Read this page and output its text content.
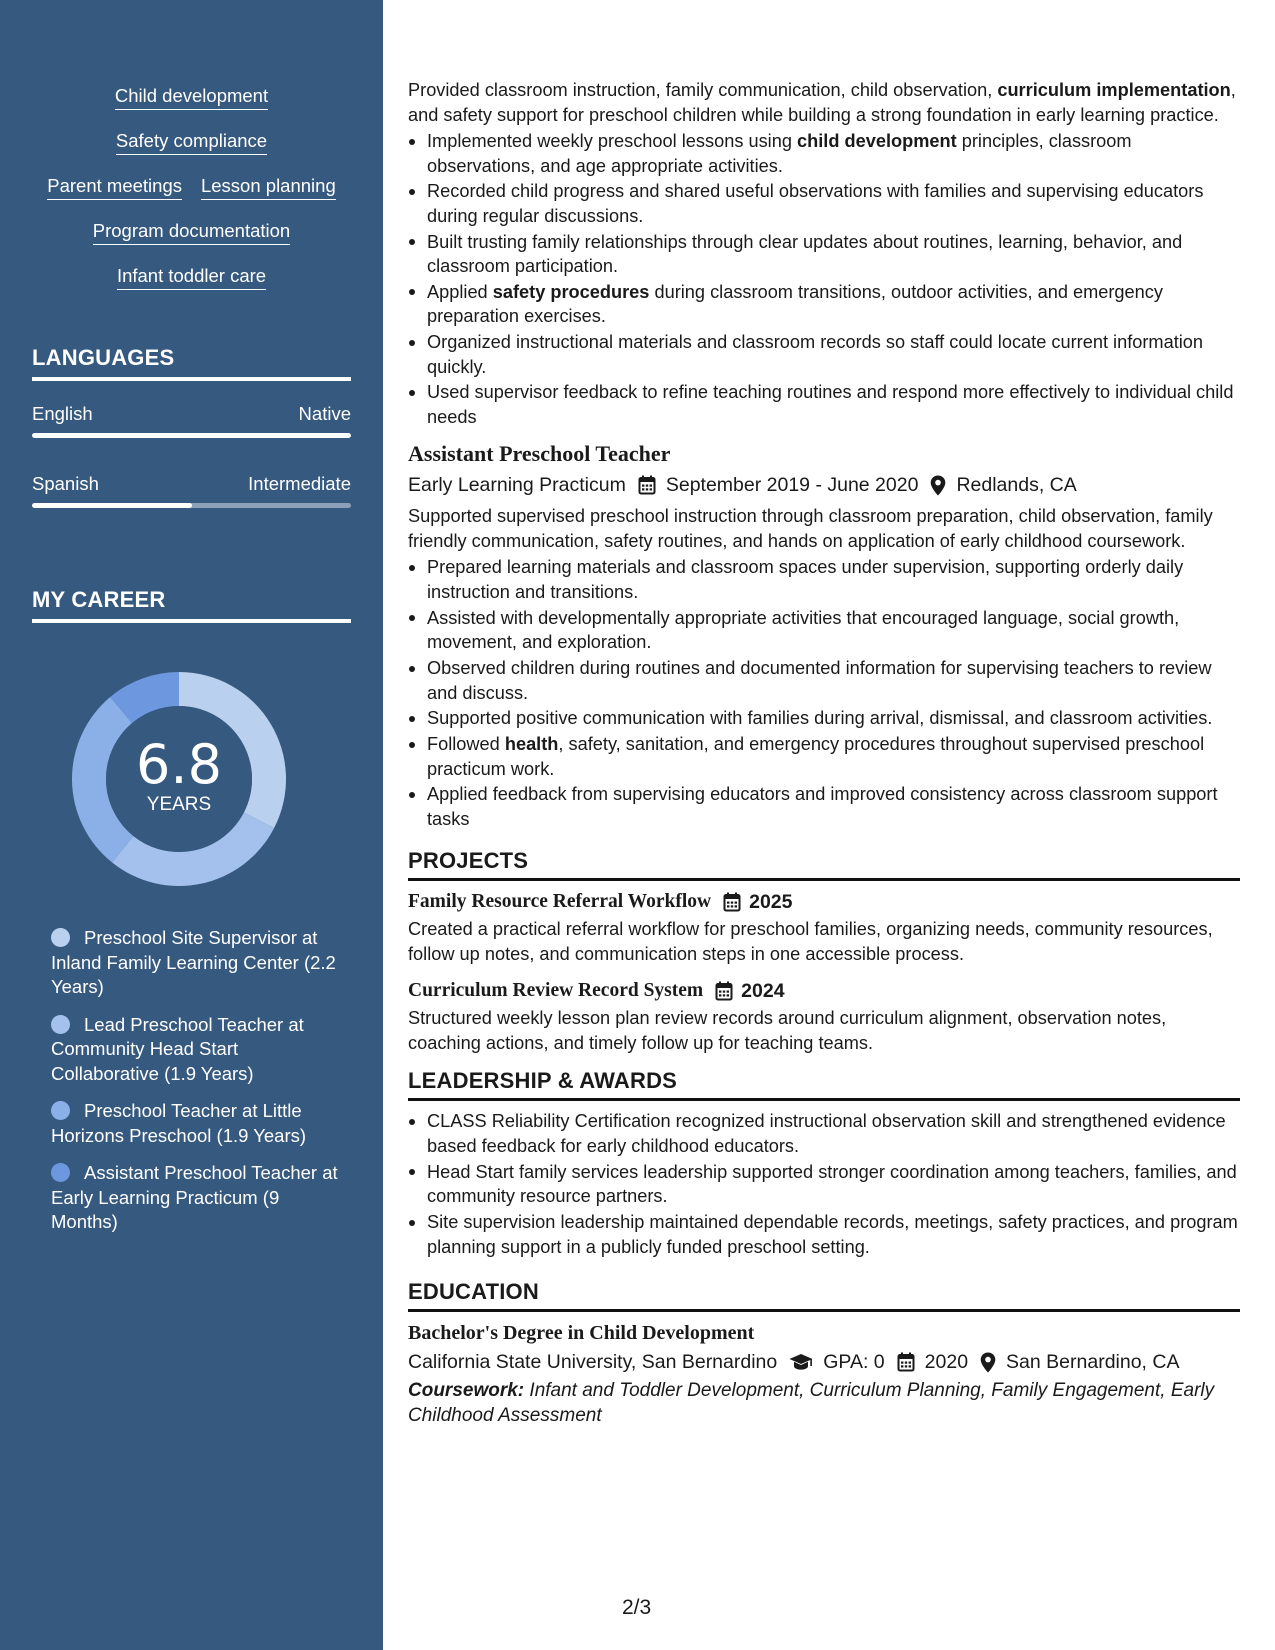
Child development
Safety compliance
Parent meetings Lesson planning
Program documentation
Infant toddler care
LANGUAGES
English	Native
Spanish	Intermediate
MY CAREER
6.8
YEARS
Preschool Site Supervisor at Inland Family Learning Center (2.2 Years)
Lead Preschool Teacher at Community Head Start Collaborative (1.9 Years)
Preschool Teacher at Little Horizons Preschool (1.9 Years)
Assistant Preschool Teacher at Early Learning Practicum (9 Months)
Provided classroom instruction, family communication, child observation, curriculum implementation, and safety support for preschool children while building a strong foundation in early learning practice.
Implemented weekly preschool lessons using child development principles, classroom observations, and age appropriate activities.
Recorded child progress and shared useful observations with families and supervising educators during regular discussions.
Built trusting family relationships through clear updates about routines, learning, behavior, and classroom participation.
Applied safety procedures during classroom transitions, outdoor activities, and emergency preparation exercises.
Organized instructional materials and classroom records so staff could locate current information quickly.
Used supervisor feedback to refine teaching routines and respond more effectively to individual child needs
Assistant Preschool Teacher
Early Learning Practicum September 2019 - June 2020 Redlands, CA
Supported supervised preschool instruction through classroom preparation, child observation, family friendly communication, safety routines, and hands on application of early childhood coursework.
Prepared learning materials and classroom spaces under supervision, supporting orderly daily instruction and transitions.
Assisted with developmentally appropriate activities that encouraged language, social growth, movement, and exploration.
Observed children during routines and documented information for supervising teachers to review and discuss.
Supported positive communication with families during arrival, dismissal, and classroom activities.
Followed health, safety, sanitation, and emergency procedures throughout supervised preschool practicum work.
Applied feedback from supervising educators and improved consistency across classroom support tasks
PROJECTS
Family Resource Referral Workflow 2025
Created a practical referral workflow for preschool families, organizing needs, community resources, follow up notes, and communication steps in one accessible process.
Curriculum Review Record System 2024
Structured weekly lesson plan review records around curriculum alignment, observation notes, coaching actions, and timely follow up for teaching teams.
LEADERSHIP & AWARDS
CLASS Reliability Certification recognized instructional observation skill and strengthened evidence based feedback for early childhood educators.
Head Start family services leadership supported stronger coordination among teachers, families, and community resource partners.
Site supervision leadership maintained dependable records, meetings, safety practices, and program planning support in a publicly funded preschool setting.
EDUCATION
Bachelor's Degree in Child Development
California State University, San Bernardino GPA: 0 2020 San Bernardino, CA
Coursework: Infant and Toddler Development, Curriculum Planning, Family Engagement, Early Childhood Assessment
2/3
